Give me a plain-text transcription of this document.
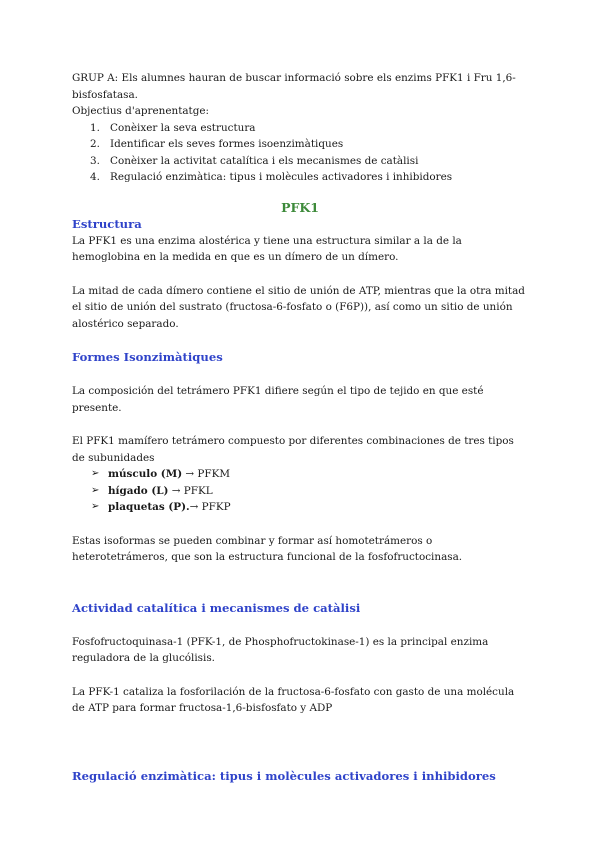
GRUP A: Els alumnes hauran de buscar informació sobre els enzims PFK1 i Fru 1,6-

bisfosfatasa.

Objectius d'aprenentatge:

1. Conèixer la seva estructura
2. Identificar els seves formes isoenzimàtiques
3. Conèixer la activitat catalítica i els mecanismes de catàlisi
4. Regulació enzimàtica: tipus i molècules activadores i inhibidores
PFK1
Estructura

La PFK1 es una enzima alostérica y tiene una estructura similar a la de la hemoglobina en la medida en que es un dímero de un dímero.

La mitad de cada dímero contiene el sitio de unión de ATP, mientras que la otra mitad el sitio de unión del sustrato (fructosa-6-fosfato o (F6P)), así como un sitio de unión alostérico separado.

Formes Isonzimàtiques

La composición del tetrámero PFK1 difiere según el tipo de tejido en que esté presente.

El PFK1 mamífero tetrámero compuesto por diferentes combinaciones de tres tipos de subunidades

➢ músculo (M) → PFKM
➢ hígado (L) → PFKL
➢ plaquetas (P).→ PFKP

Estas isoformas se pueden combinar y formar así homotetrámeros o heterotetrámeros, que son la estructura funcional de la fosfofructocinasa.

Actividad catalítica i mecanismes de catàlisi

Fosfofructoquinasa-1 (PFK-1, de Phosphofructokinase-1) es la principal enzima reguladora de la glucólisis.

La PFK-1 cataliza la fosforilación de la fructosa-6-fosfato con gasto de una molécula de ATP para formar fructosa-1,6-bisfosfato y ADP

Regulació enzimàtica: tipus i molècules activadores i inhibidores
